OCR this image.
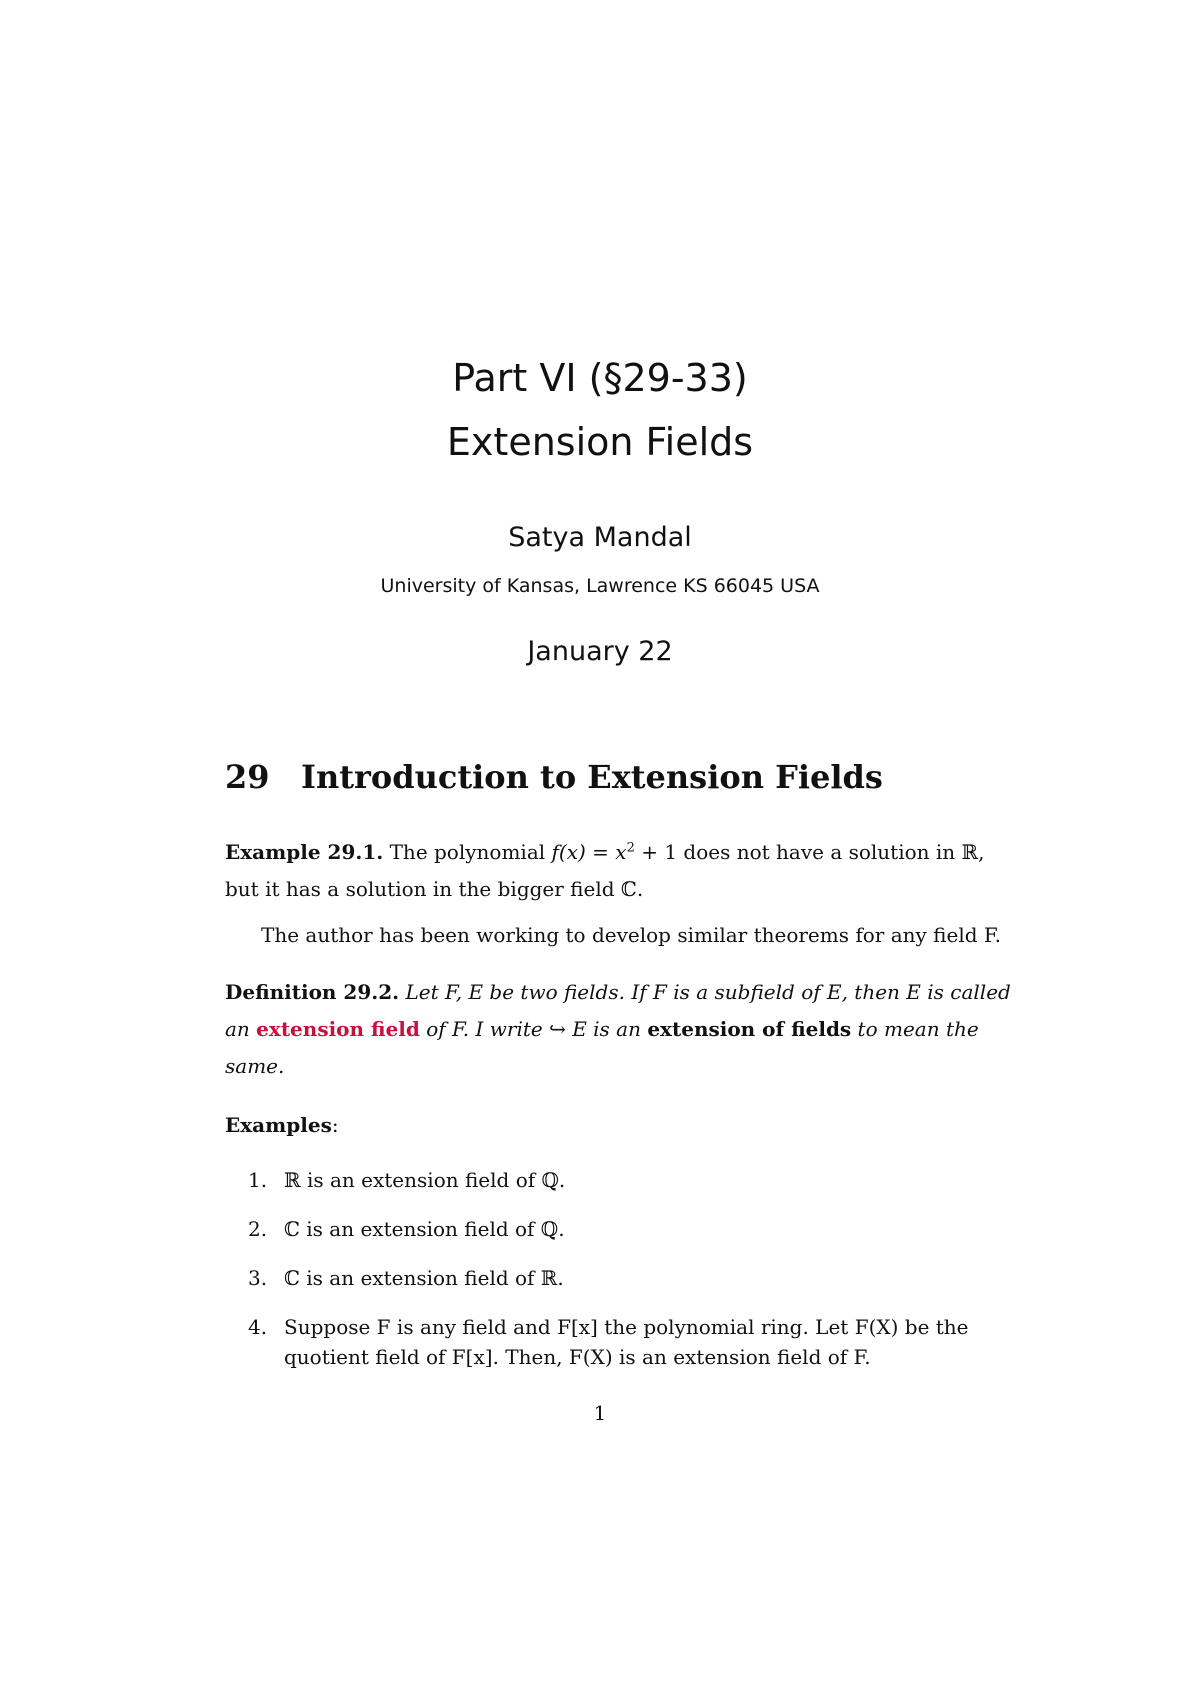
Part VI (§29-33)
Extension Fields
Satya Mandal
University of Kansas, Lawrence KS 66045 USA
January 22
29 Introduction to Extension Fields
Example 29.1. The polynomial $f(x) = x^2 + 1$ does not have a solution in ℝ, but it has a solution in the bigger field ℂ.
The author has been working to develop similar theorems for any field F.
Definition 29.2. Let F, E be two fields. If F is a subfield of E, then E is called an extension field of F. I write ↪ E is an extension of fields to mean the same.
Examples:
1. ℝ is an extension field of ℚ.
2. ℂ is an extension field of ℚ.
3. ℂ is an extension field of ℝ.
4. Suppose F is any field and F[x] the polynomial ring. Let F(X) be the quotient field of F[x]. Then, F(X) is an extension field of F.
1
